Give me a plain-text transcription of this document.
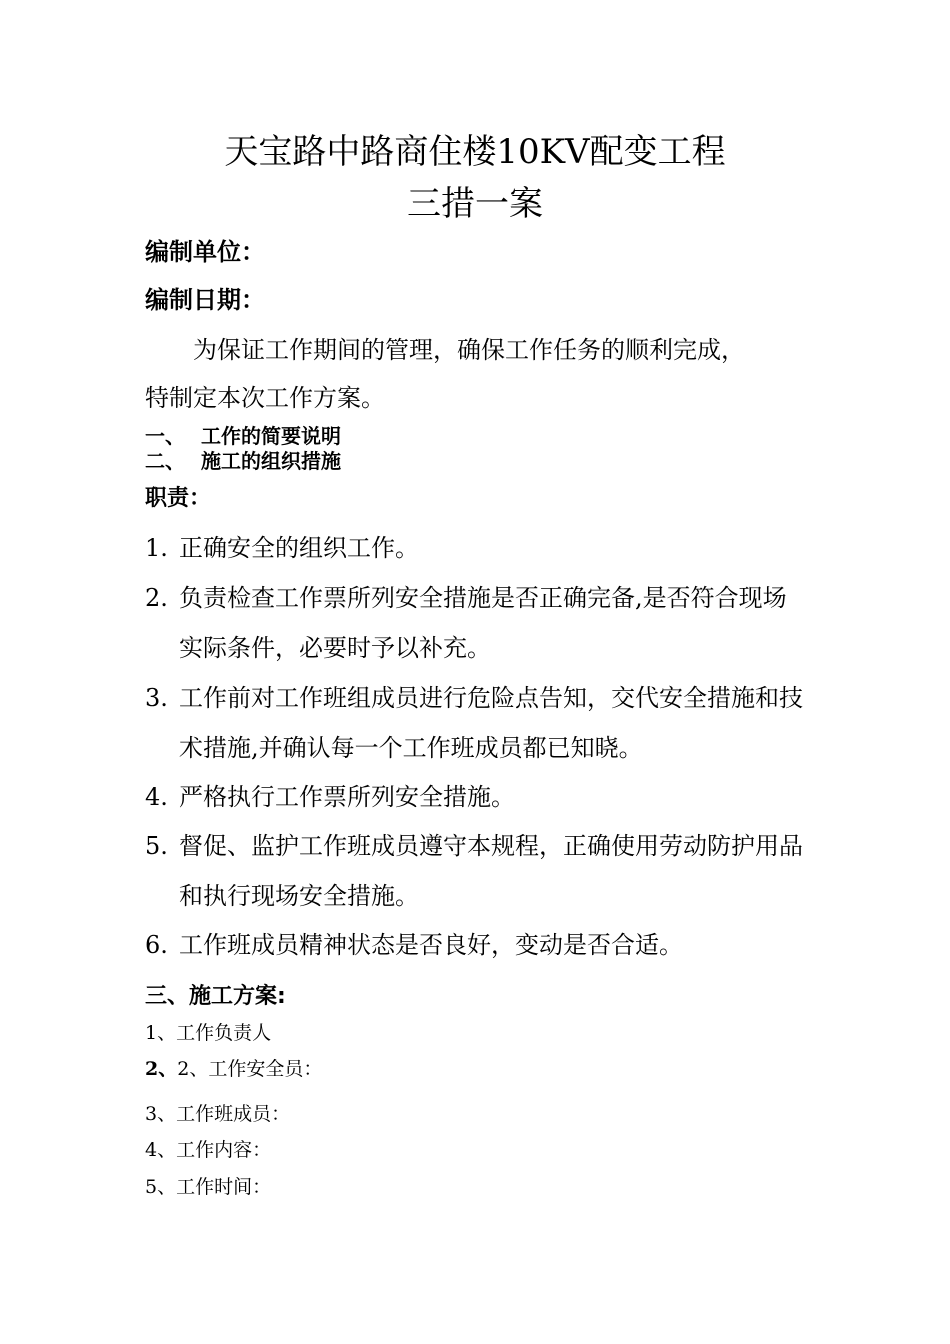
天宝路中路商住楼10KV配变工程
三措一案
编制单位：
编制日期：
为保证工作期间的管理，确保工作任务的顺利完成，
特制定本次工作方案。
一、 工作的简要说明
二、 施工的组织措施
职责：
1. 正确安全的组织工作。
2. 负责检查工作票所列安全措施是否正确完备,是否符合现场实际条件，必要时予以补充。
3. 工作前对工作班组成员进行危险点告知，交代安全措施和技术措施,并确认每一个工作班成员都已知晓。
4. 严格执行工作票所列安全措施。
5. 督促、监护工作班成员遵守本规程，正确使用劳动防护用品和执行现场安全措施。
6. 工作班成员精神状态是否良好，变动是否合适。
三、施工方案:
1、工作负责人
2、2、工作安全员：
3、工作班成员：
4、工作内容：
5、工作时间：
